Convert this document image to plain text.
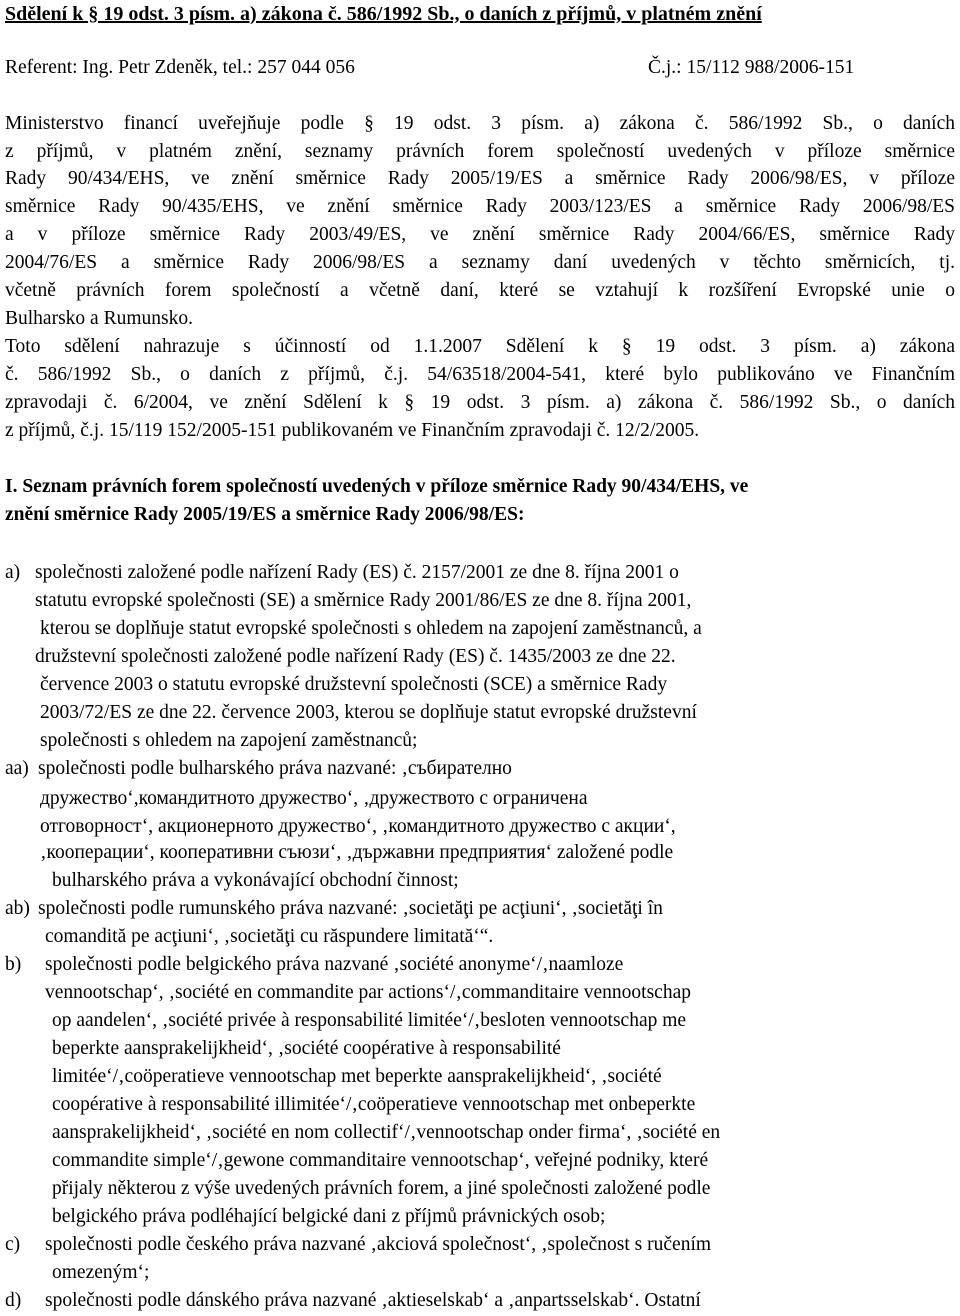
Sdělení k § 19 odst. 3 písm. a) zákona č. 586/1992 Sb., o daních z příjmů, v platném znění
Referent: Ing. Petr Zdeněk, tel.: 257 044 056	Č.j.: 15/112 988/2006-151
Ministerstvo financí uveřejňuje podle § 19 odst. 3 písm. a) zákona č. 586/1992 Sb., o daních
z příjmů, v platném znění, seznamy právních forem společností uvedených v příloze směrnice
Rady 90/434/EHS, ve znění směrnice Rady 2005/19/ES a směrnice Rady 2006/98/ES, v příloze
směrnice Rady 90/435/EHS, ve znění směrnice Rady 2003/123/ES a směrnice Rady 2006/98/ES
a v příloze směrnice Rady 2003/49/ES, ve znění směrnice Rady 2004/66/ES, směrnice Rady
2004/76/ES a směrnice Rady 2006/98/ES a seznamy daní uvedených v těchto směrnicích, tj.
včetně právních forem společností a včetně daní, které se vztahují k rozšíření Evropské unie o
Bulharsko a Rumunsko.
Toto sdělení nahrazuje s účinností od 1.1.2007 Sdělení k § 19 odst. 3 písm. a) zákona
č. 586/1992 Sb., o daních z příjmů, č.j. 54/63518/2004-541, které bylo publikováno ve Finančním
zpravodaji č. 6/2004, ve znění Sdělení k § 19 odst. 3 písm. a) zákona č. 586/1992 Sb., o daních
z příjmů, č.j. 15/119 152/2005-151 publikovaném ve Finančním zpravodaji č. 12/2/2005.
I. Seznam právních forem společností uvedených v příloze směrnice Rady 90/434/EHS, ve
znění směrnice Rady 2005/19/ES a směrnice Rady 2006/98/ES:
a) společnosti založené podle nařízení Rady (ES) č. 2157/2001 ze dne 8. října 2001 o
statutu evropské společnosti (SE) a směrnice Rady 2001/86/ES ze dne 8. října 2001,
kterou se doplňuje statut evropské společnosti s ohledem na zapojení zaměstnanců, a
družstevní společnosti založené podle nařízení Rady (ES) č. 1435/2003 ze dne 22.
července 2003 o statutu evropské družstevní společnosti (SCE) a směrnice Rady
2003/72/ES ze dne 22. července 2003, kterou se doplňuje statut evropské družstevní
společnosti s ohledem na zapojení zaměstnanců;
aa) společnosti podle bulharského práva nazvané: ‚събирателно
дружество‘,командитното дружество‘, ‚дружеството с ограничена
отговорност‘, акционерното дружество‘, ‚командитното дружество с акции‘,
‚кооперации‘, кооперативни съюзи‘, ‚държавни предприятия‘ založené podle
bulharského práva a vykonávající obchodní činnost;
ab) společnosti podle rumunského práva nazvané: ‚societăţi pe acţiuni‘, ‚societăţi în
comandită pe acţiuni‘, ‚societăţi cu răspundere limitată‘“.
b) společnosti podle belgického práva nazvané ‚société anonyme‘/‚naamloze
vennootschap‘, ‚société en commandite par actions‘/‚commanditaire vennootschap
op aandelen‘, ‚société privée à responsabilité limitée‘/‚besloten vennootschap me
beperkte aansprakelijkheid‘, ‚société coopérative à responsabilité
limitée‘/‚coöperatieve vennootschap met beperkte aansprakelijkheid‘, ‚société
coopérative à responsabilité illimitée‘/‚coöperatieve vennootschap met onbeperkte
aansprakelijkheid‘, ‚société en nom collectif‘/‚vennootschap onder firma‘, ‚société en
commandite simple‘/‚gewone commanditaire vennootschap‘, veřejné podniky, které
přijaly některou z výše uvedených právních forem, a jiné společnosti založené podle
belgického práva podléhající belgické dani z příjmů právnických osob;
c) společnosti podle českého práva nazvané ‚akciová společnost‘, ‚společnost s ručením
omezeným‘;
d) společnosti podle dánského práva nazvané ‚aktieselskab‘ a ‚anpartsselskab‘. Ostatní
